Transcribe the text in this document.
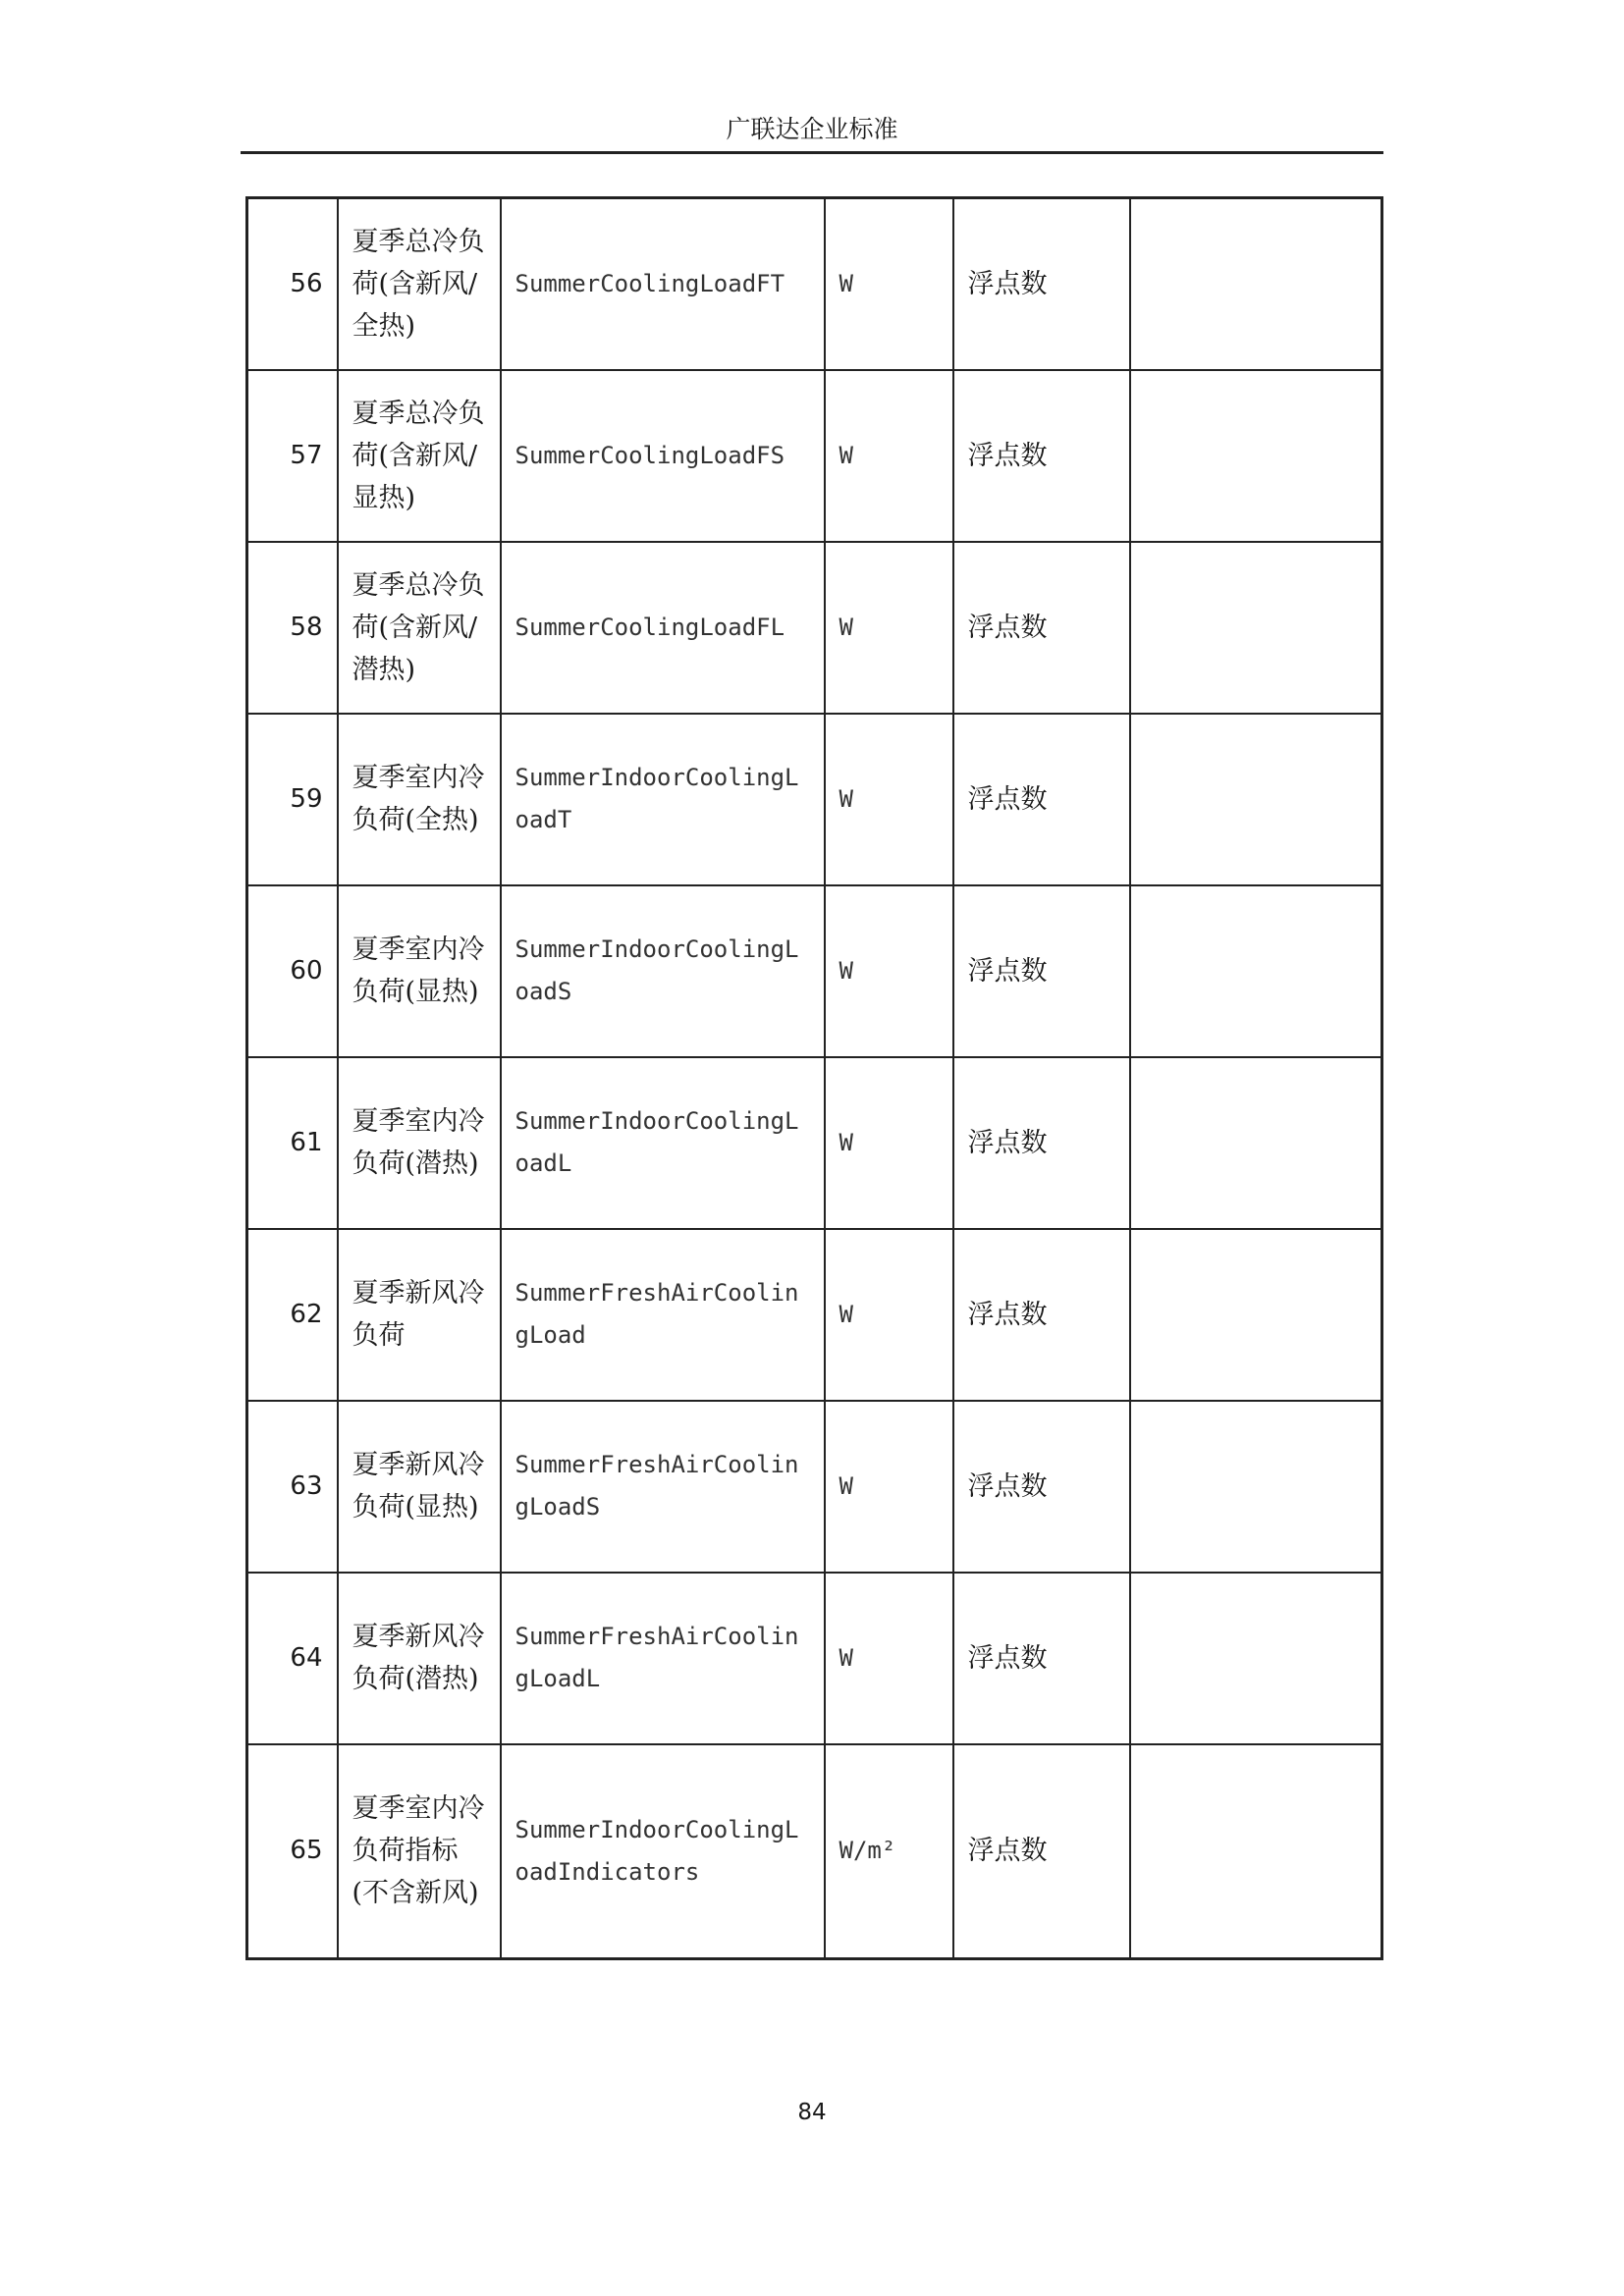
广联达企业标准
56	夏季总冷负荷(含新风/全热)	SummerCoolingLoadFT	W	浮点数	
57	夏季总冷负荷(含新风/显热)	SummerCoolingLoadFS	W	浮点数	
58	夏季总冷负荷(含新风/潜热)	SummerCoolingLoadFL	W	浮点数	
59	夏季室内冷负荷(全热)	SummerIndoorCoolingLoadT	W	浮点数	
60	夏季室内冷负荷(显热)	SummerIndoorCoolingLoadS	W	浮点数	
61	夏季室内冷负荷(潜热)	SummerIndoorCoolingLoadL	W	浮点数	
62	夏季新风冷负荷	SummerFreshAirCoolingLoad	W	浮点数	
63	夏季新风冷负荷(显热)	SummerFreshAirCoolingLoadS	W	浮点数	
64	夏季新风冷负荷(潜热)	SummerFreshAirCoolingLoadL	W	浮点数	
65	夏季室内冷负荷指标(不含新风)	SummerIndoorCoolingLoadIndicators	W/m²	浮点数	
84
